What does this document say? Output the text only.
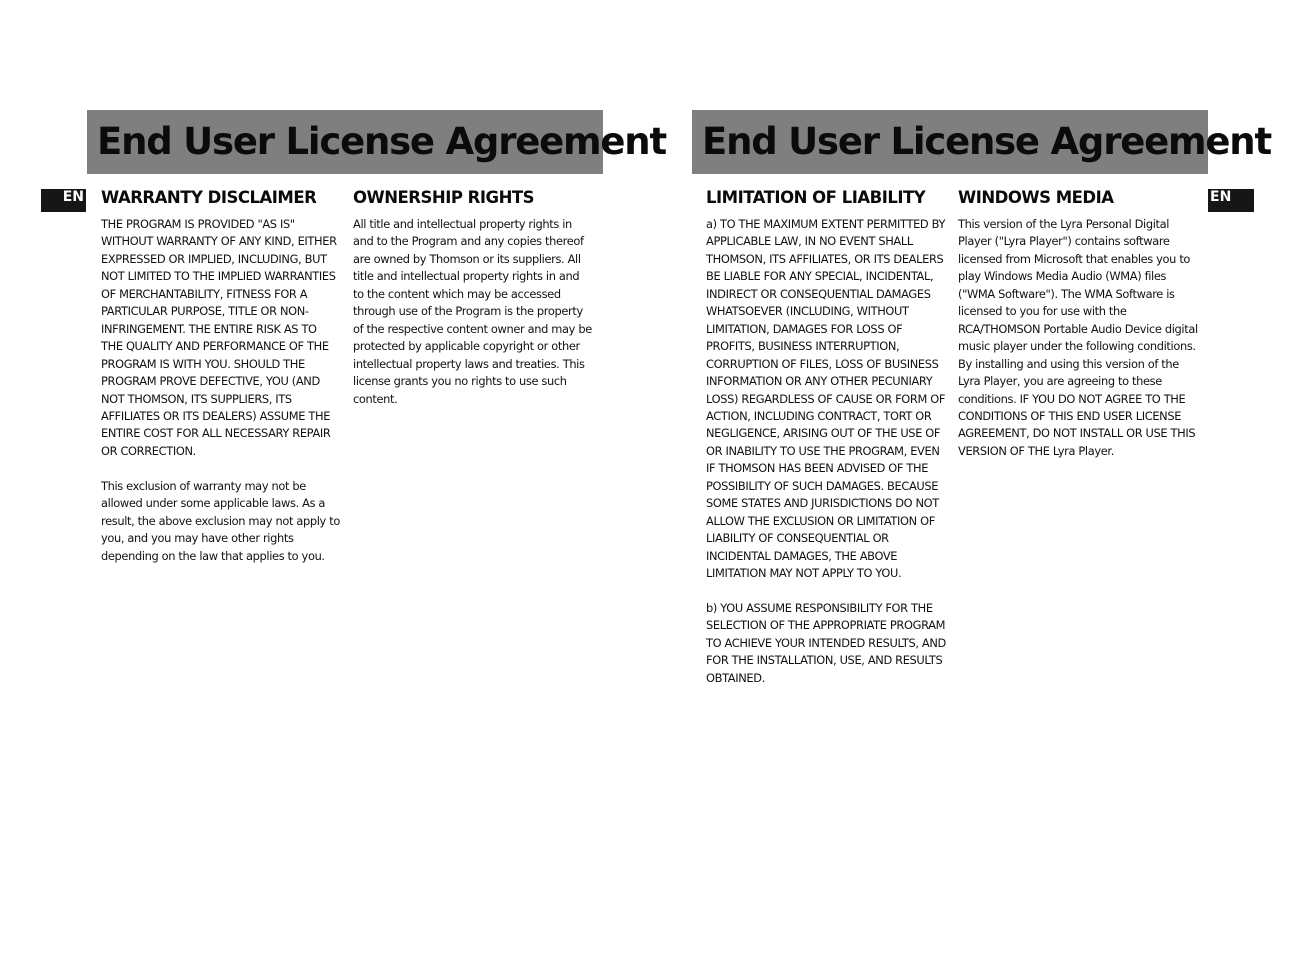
End User License Agreement
EN WARRANTY DISCLAIMER

THE PROGRAM IS PROVIDED "AS IS" WITHOUT WARRANTY OF ANY KIND, EITHER EXPRESSED OR IMPLIED, INCLUDING, BUT NOT LIMITED TO THE IMPLIED WARRANTIES OF MERCHANTABILITY, FITNESS FOR A PARTICULAR PURPOSE, TITLE OR NON-INFRINGEMENT. THE ENTIRE RISK AS TO THE QUALITY AND PERFORMANCE OF THE PROGRAM IS WITH YOU. SHOULD THE PROGRAM PROVE DEFECTIVE, YOU (AND NOT THOMSON, ITS SUPPLIERS, ITS AFFILIATES OR ITS DEALERS) ASSUME THE ENTIRE COST FOR ALL NECESSARY REPAIR OR CORRECTION.

This exclusion of warranty may not be allowed under some applicable laws. As a result, the above exclusion may not apply to you, and you may have other rights depending on the law that applies to you.

OWNERSHIP RIGHTS

All title and intellectual property rights in and to the Program and any copies thereof are owned by Thomson or its suppliers. All title and intellectual property rights in and to the content which may be accessed through use of the Program is the property of the respective content owner and may be protected by applicable copyright or other intellectual property laws and treaties. This license grants you no rights to use such content.

End User License Agreement
EN
LIMITATION OF LIABILITY

a) TO THE MAXIMUM EXTENT PERMITTED BY APPLICABLE LAW, IN NO EVENT SHALL THOMSON, ITS AFFILIATES, OR ITS DEALERS BE LIABLE FOR ANY SPECIAL, INCIDENTAL, INDIRECT OR CONSEQUENTIAL DAMAGES WHATSOEVER (INCLUDING, WITHOUT LIMITATION, DAMAGES FOR LOSS OF PROFITS, BUSINESS INTERRUPTION, CORRUPTION OF FILES, LOSS OF BUSINESS INFORMATION OR ANY OTHER PECUNIARY LOSS) REGARDLESS OF CAUSE OR FORM OF ACTION, INCLUDING CONTRACT, TORT OR NEGLIGENCE, ARISING OUT OF THE USE OF OR INABILITY TO USE THE PROGRAM, EVEN IF THOMSON HAS BEEN ADVISED OF THE POSSIBILITY OF SUCH DAMAGES. BECAUSE SOME STATES AND JURISDICTIONS DO NOT ALLOW THE EXCLUSION OR LIMITATION OF LIABILITY OF CONSEQUENTIAL OR INCIDENTAL DAMAGES, THE ABOVE LIMITATION MAY NOT APPLY TO YOU.

b) YOU ASSUME RESPONSIBILITY FOR THE SELECTION OF THE APPROPRIATE PROGRAM TO ACHIEVE YOUR INTENDED RESULTS, AND FOR THE INSTALLATION, USE, AND RESULTS OBTAINED.

WINDOWS MEDIA

This version of the Lyra Personal Digital Player ("Lyra Player") contains software licensed from Microsoft that enables you to play Windows Media Audio (WMA) files ("WMA Software"). The WMA Software is licensed to you for use with the RCA/THOMSON Portable Audio Device digital music player under the following conditions. By installing and using this version of the Lyra Player, you are agreeing to these conditions. IF YOU DO NOT AGREE TO THE CONDITIONS OF THIS END USER LICENSE AGREEMENT, DO NOT INSTALL OR USE THIS VERSION OF THE Lyra Player.
